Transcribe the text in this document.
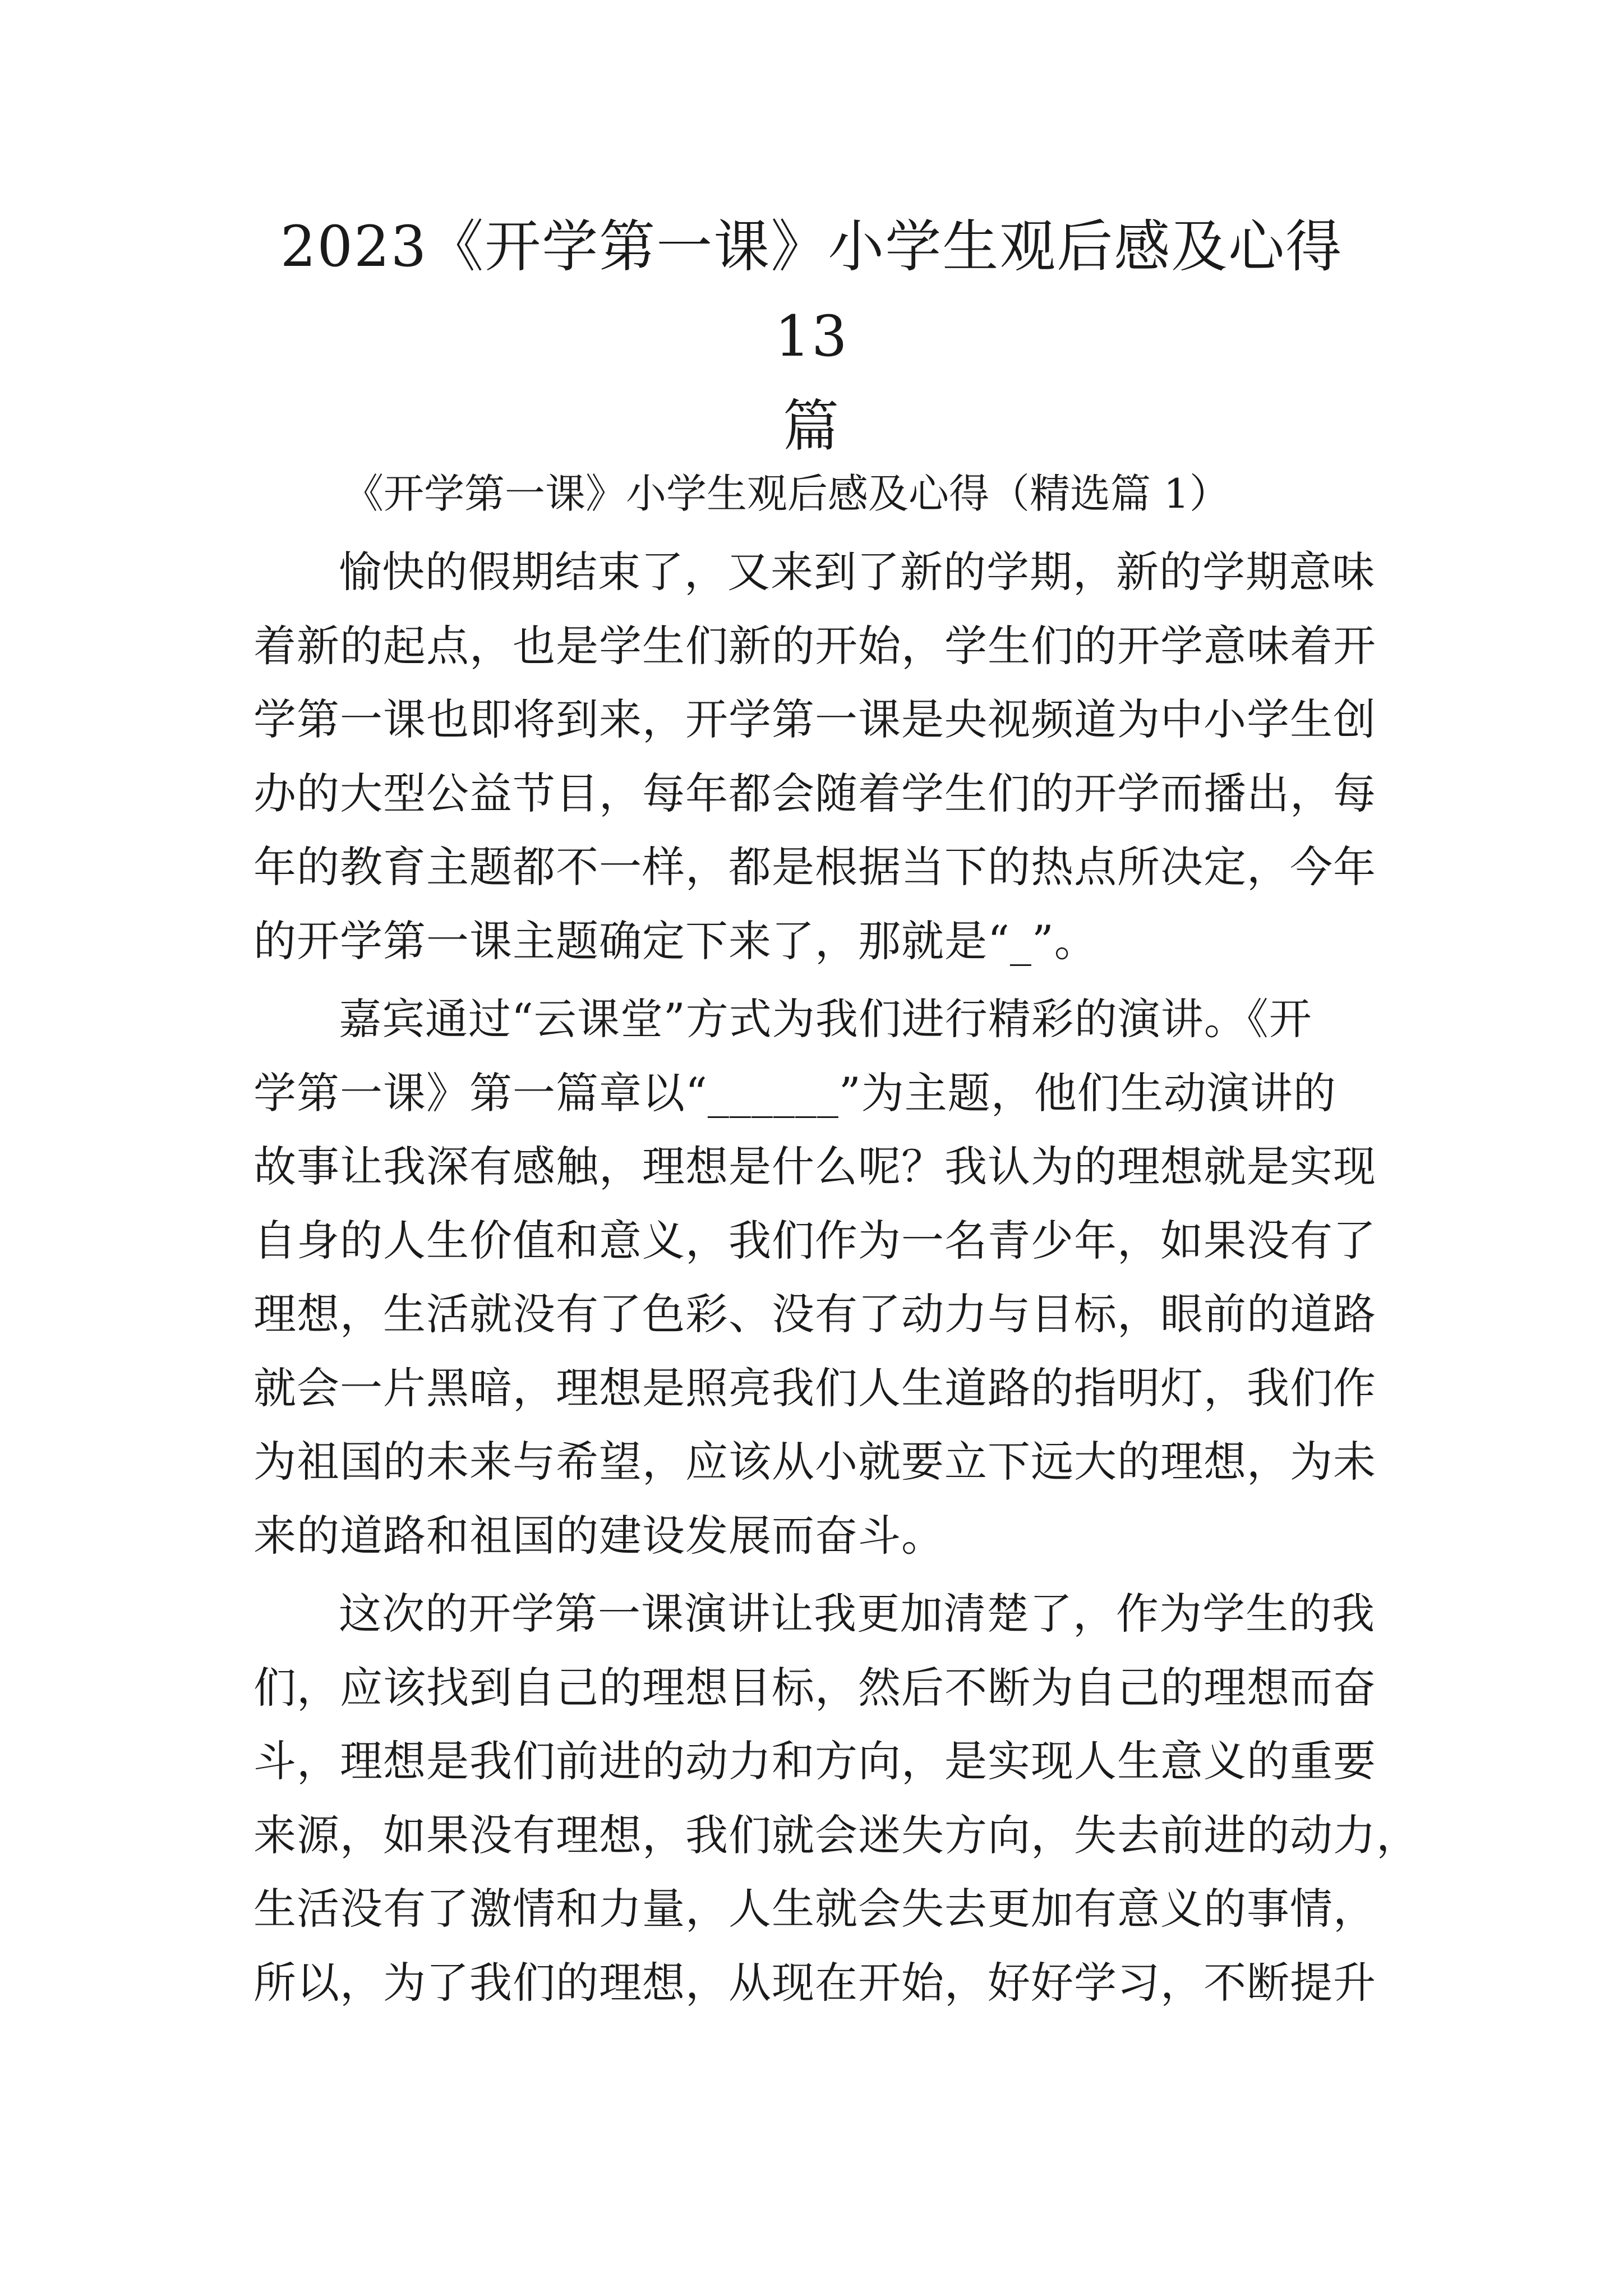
2023《开学第一课》小学生观后感及心得 13
篇
《开学第一课》小学生观后感及心得（精选篇 1）
愉快的假期结束了，又来到了新的学期，新的学期意味
着新的起点，也是学生们新的开始，学生们的开学意味着开
学第一课也即将到来，开学第一课是央视频道为中小学生创
办的大型公益节目，每年都会随着学生们的开学而播出，每
年的教育主题都不一样，都是根据当下的热点所决定，今年
的开学第一课主题确定下来了，那就是“_”。
嘉宾通过“云课堂”方式为我们进行精彩的演讲。《开
学第一课》第一篇章以“______”为主题，他们生动演讲的
故事让我深有感触，理想是什么呢？我认为的理想就是实现
自身的人生价值和意义，我们作为一名青少年，如果没有了
理想，生活就没有了色彩、没有了动力与目标，眼前的道路
就会一片黑暗，理想是照亮我们人生道路的指明灯，我们作
为祖国的未来与希望，应该从小就要立下远大的理想，为未
来的道路和祖国的建设发展而奋斗。
这次的开学第一课演讲让我更加清楚了，作为学生的我
们，应该找到自己的理想目标，然后不断为自己的理想而奋
斗，理想是我们前进的动力和方向，是实现人生意义的重要
来源，如果没有理想，我们就会迷失方向，失去前进的动力，
生活没有了激情和力量，人生就会失去更加有意义的事情，
所以，为了我们的理想，从现在开始，好好学习，不断提升
